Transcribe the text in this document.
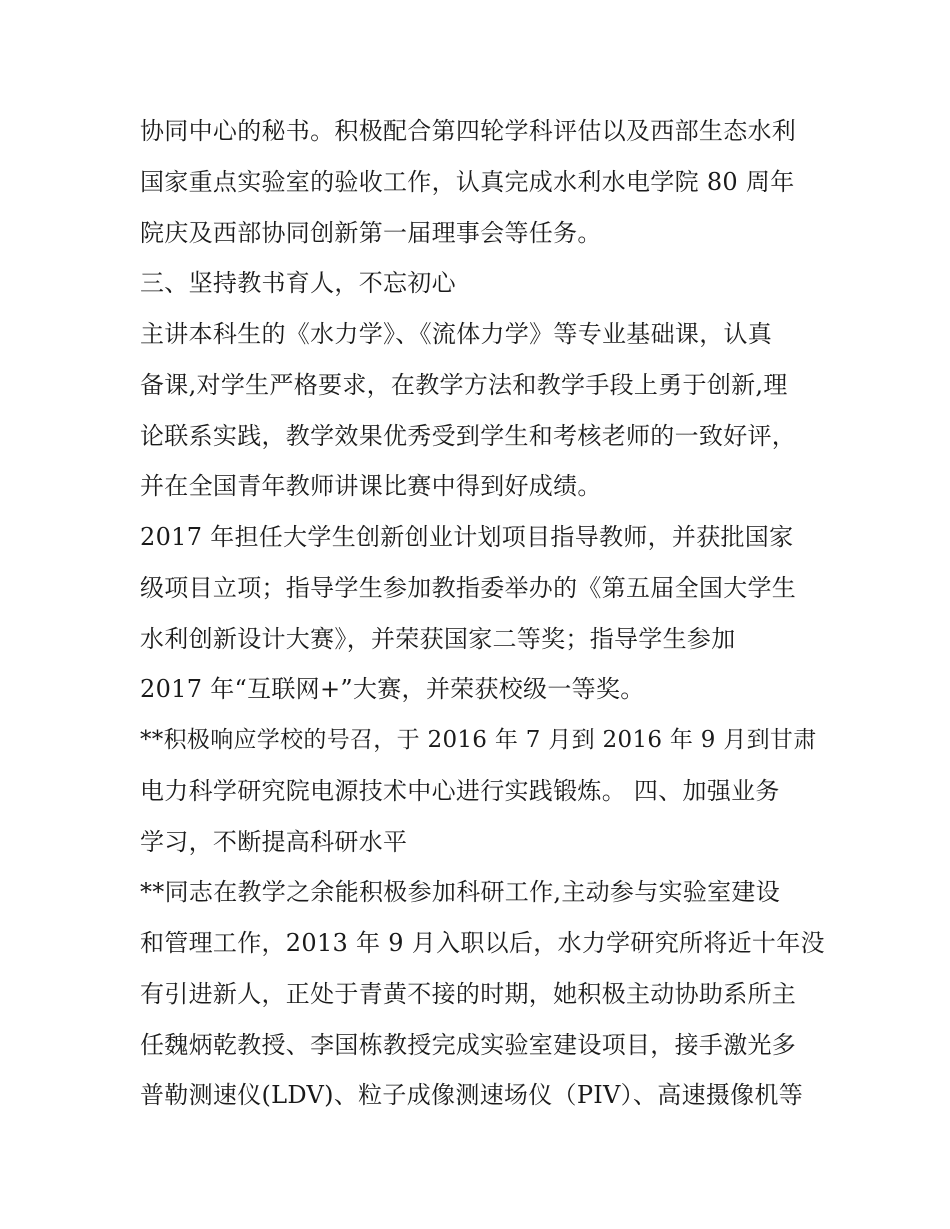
协同中心的秘书。积极配合第四轮学科评估以及西部生态水利
国家重点实验室的验收工作，认真完成水利水电学院 80 周年
院庆及西部协同创新第一届理事会等任务。
三、坚持教书育人，不忘初心
主讲本科生的《水力学》、《流体力学》等专业基础课，认真
备课,对学生严格要求，在教学方法和教学手段上勇于创新,理
论联系实践，教学效果优秀受到学生和考核老师的一致好评，
并在全国青年教师讲课比赛中得到好成绩。
2017 年担任大学生创新创业计划项目指导教师，并获批国家
级项目立项；指导学生参加教指委举办的《第五届全国大学生
水利创新设计大赛》，并荣获国家二等奖；指导学生参加
2017 年“互联网+”大赛，并荣获校级一等奖。
**积极响应学校的号召，于 2016 年 7 月到 2016 年 9 月到甘肃
电力科学研究院电源技术中心进行实践锻炼。 四、加强业务
学习，不断提高科研水平
**同志在教学之余能积极参加科研工作,主动参与实验室建设
和管理工作，2013 年 9 月入职以后，水力学研究所将近十年没
有引进新人，正处于青黄不接的时期，她积极主动协助系所主
任魏炳乾教授、李国栋教授完成实验室建设项目，接手激光多
普勒测速仪(LDV)、粒子成像测速场仪（PIV）、高速摄像机等
